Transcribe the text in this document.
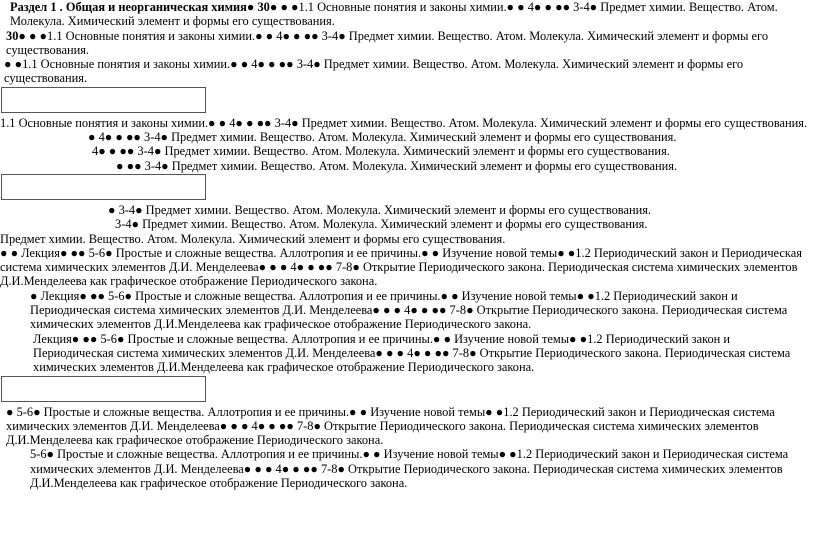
Раздел 1 . Общая и неорганическая химия● 30● ● ●1.1 Основные понятия и законы химии.● ● 4● ● ●● 3-4● Предмет химии. Вещество. Атом. Молекула. Химический элемент и формы его существования.

30● ● ●1.1 Основные понятия и законы химии.● ● 4● ● ●● 3-4● Предмет химии. Вещество. Атом. Молекула. Химический элемент и формы его существования.

● ●1.1 Основные понятия и законы химии.● ● 4● ● ●● 3-4● Предмет химии. Вещество. Атом. Молекула. Химический элемент и формы его существования.

1.1 Основные понятия и законы химии.● ● 4● ● ●● 3-4● Предмет химии. Вещество. Атом. Молекула. Химический элемент и формы его существования.

● 4● ● ●● 3-4● Предмет химии. Вещество. Атом. Молекула. Химический элемент и формы его существования.

4● ● ●● 3-4● Предмет химии. Вещество. Атом. Молекула. Химический элемент и формы его существования.

● ●● 3-4● Предмет химии. Вещество. Атом. Молекула. Химический элемент и формы его существования.

● 3-4● Предмет химии. Вещество. Атом. Молекула. Химический элемент и формы его существования.

3-4● Предмет химии. Вещество. Атом. Молекула. Химический элемент и формы его существования.

Предмет химии. Вещество. Атом. Молекула. Химический элемент и формы его существования.

● ● Лекция● ●● 5-6● Простые и сложные вещества. Аллотропия и ее причины.● ● Изучение новой темы● ●1.2 Периодический закон и Периодическая система химических элементов Д.И. Менделеева● ● ● 4● ● ●● 7-8● Открытие Периодического закона. Периодическая система химических элементов Д.И.Менделеева как графическое отображение Периодического закона.

● Лекция● ●● 5-6● Простые и сложные вещества. Аллотропия и ее причины.● ● Изучение новой темы● ●1.2 Периодический закон и Периодическая система химических элементов Д.И. Менделеева● ● ● 4● ● ●● 7-8● Открытие Периодического закона. Периодическая система химических элементов Д.И.Менделеева как графическое отображение Периодического закона.

Лекция● ●● 5-6● Простые и сложные вещества. Аллотропия и ее причины.● ● Изучение новой темы● ●1.2 Периодический закон и Периодическая система химических элементов Д.И. Менделеева● ● ● 4● ● ●● 7-8● Открытие Периодического закона. Периодическая система химических элементов Д.И.Менделеева как графическое отображение Периодического закона.

● 5-6● Простые и сложные вещества. Аллотропия и ее причины.● ● Изучение новой темы● ●1.2 Периодический закон и Периодическая система химических элементов Д.И. Менделеева● ● ● 4● ● ●● 7-8● Открытие Периодического закона. Периодическая система химических элементов Д.И.Менделеева как графическое отображение Периодического закона.

5-6● Простые и сложные вещества. Аллотропия и ее причины.● ● Изучение новой темы● ●1.2 Периодический закон и Периодическая система химических элементов Д.И. Менделеева● ● ● 4● ● ●● 7-8● Открытие Периодического закона. Периодическая система химических элементов Д.И.Менделеева как графическое отображение Периодического закона.
